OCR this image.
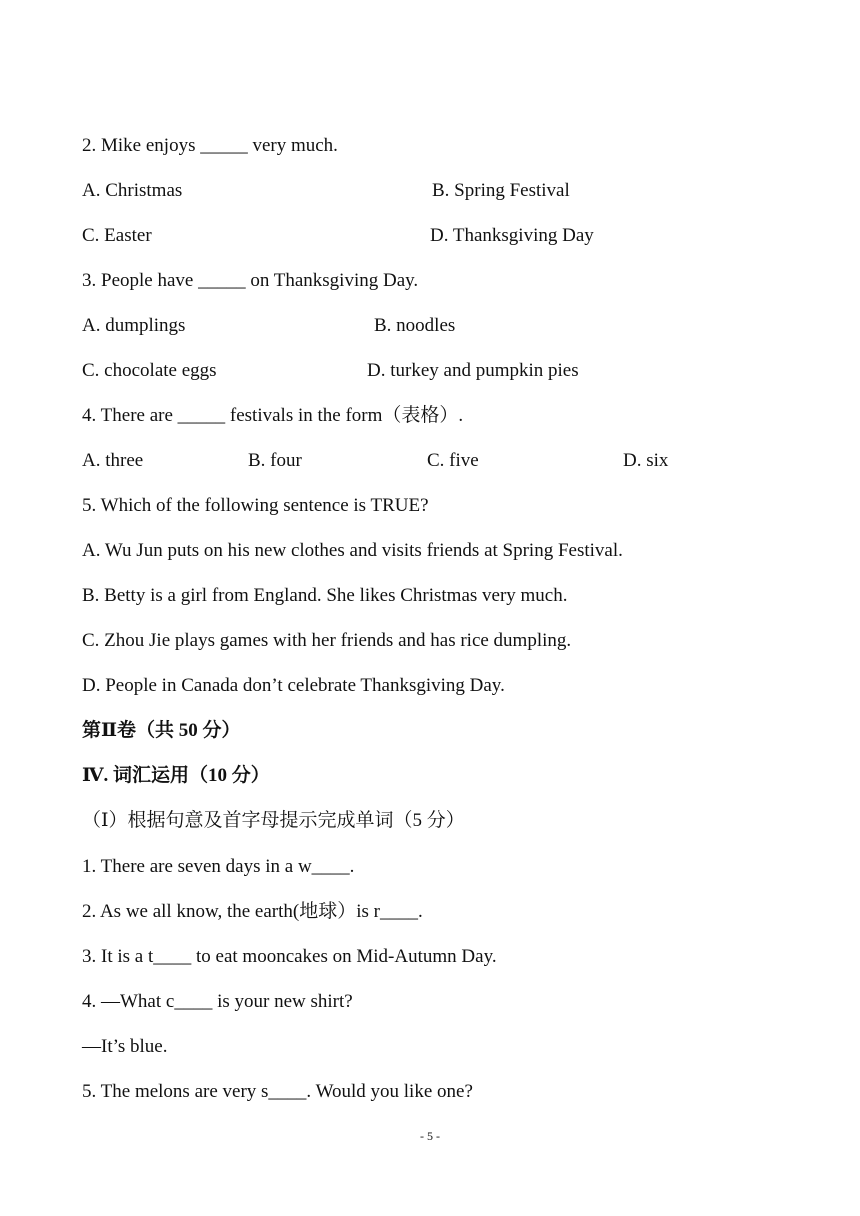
2. Mike enjoys _____ very much.
A. Christmas	B. Spring Festival
C. Easter	D. Thanksgiving Day
3. People have _____ on Thanksgiving Day.
A. dumplings	B. noodles
C. chocolate eggs	D. turkey and pumpkin pies
4. There are _____ festivals in the form（表格）.
A. three	B. four	C. five	D. six
5. Which of the following sentence is TRUE?
A. Wu Jun puts on his new clothes and visits friends at Spring Festival.
B. Betty is a girl from England. She likes Christmas very much.
C. Zhou Jie plays games with her friends and has rice dumpling.
D. People in Canada don’t celebrate Thanksgiving Day.
第Ⅱ卷（共 50 分）
Ⅳ. 词汇运用（10 分）
（Ⅰ）根据句意及首字母提示完成单词（5 分）
1. There are seven days in a w____.
2. As we all know, the earth(地球）is r____.
3. It is a t____ to eat mooncakes on Mid-Autumn Day.
4. —What c____ is your new shirt?
—It’s blue.
5. The melons are very s____. Would you like one?
- 5 -
